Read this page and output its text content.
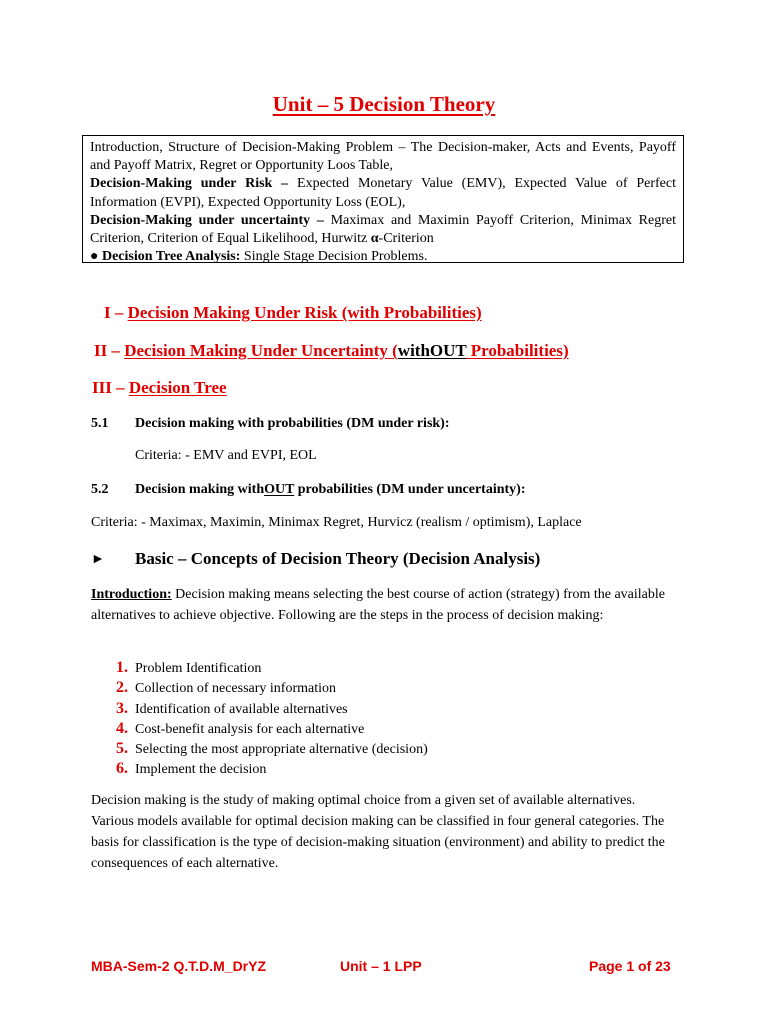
Unit – 5 Decision Theory

Introduction, Structure of Decision-Making Problem – The Decision-maker, Acts and Events, Payoff and Payoff Matrix, Regret or Opportunity Loos Table,

Decision-Making under Risk – Expected Monetary Value (EMV), Expected Value of Perfect Information (EVPI), Expected Opportunity Loss (EOL),

Decision-Making under uncertainty – Maximax and Maximin Payoff Criterion, Minimax Regret Criterion, Criterion of Equal Likelihood, Hurwitz α-Criterion

● Decision Tree Analysis: Single Stage Decision Problems.

I – Decision Making Under Risk (with Probabilities)
II – Decision Making Under Uncertainty (withOUT Probabilities)
III – Decision Tree
5.1 Decision making with probabilities (DM under risk):
Criteria: - EMV and EVPI, EOL
5.2 Decision making withOUT probabilities (DM under uncertainty):
Criteria: - Maximax, Maximin, Minimax Regret, Hurvicz (realism / optimism), Laplace
► Basic – Concepts of Decision Theory (Decision Analysis)
Introduction: Decision making means selecting the best course of action (strategy) from the available alternatives to achieve objective. Following are the steps in the process of decision making:
1. Problem Identification
2. Collection of necessary information
3. Identification of available alternatives
4. Cost-benefit analysis for each alternative
5. Selecting the most appropriate alternative (decision)
6. Implement the decision
Decision making is the study of making optimal choice from a given set of available alternatives. Various models available for optimal decision making can be classified in four general categories. The basis for classification is the type of decision-making situation (environment) and ability to predict the consequences of each alternative.
MBA-Sem-2 Q.T.D.M_DrYZ	Unit – 1 LPP	Page 1 of 23
